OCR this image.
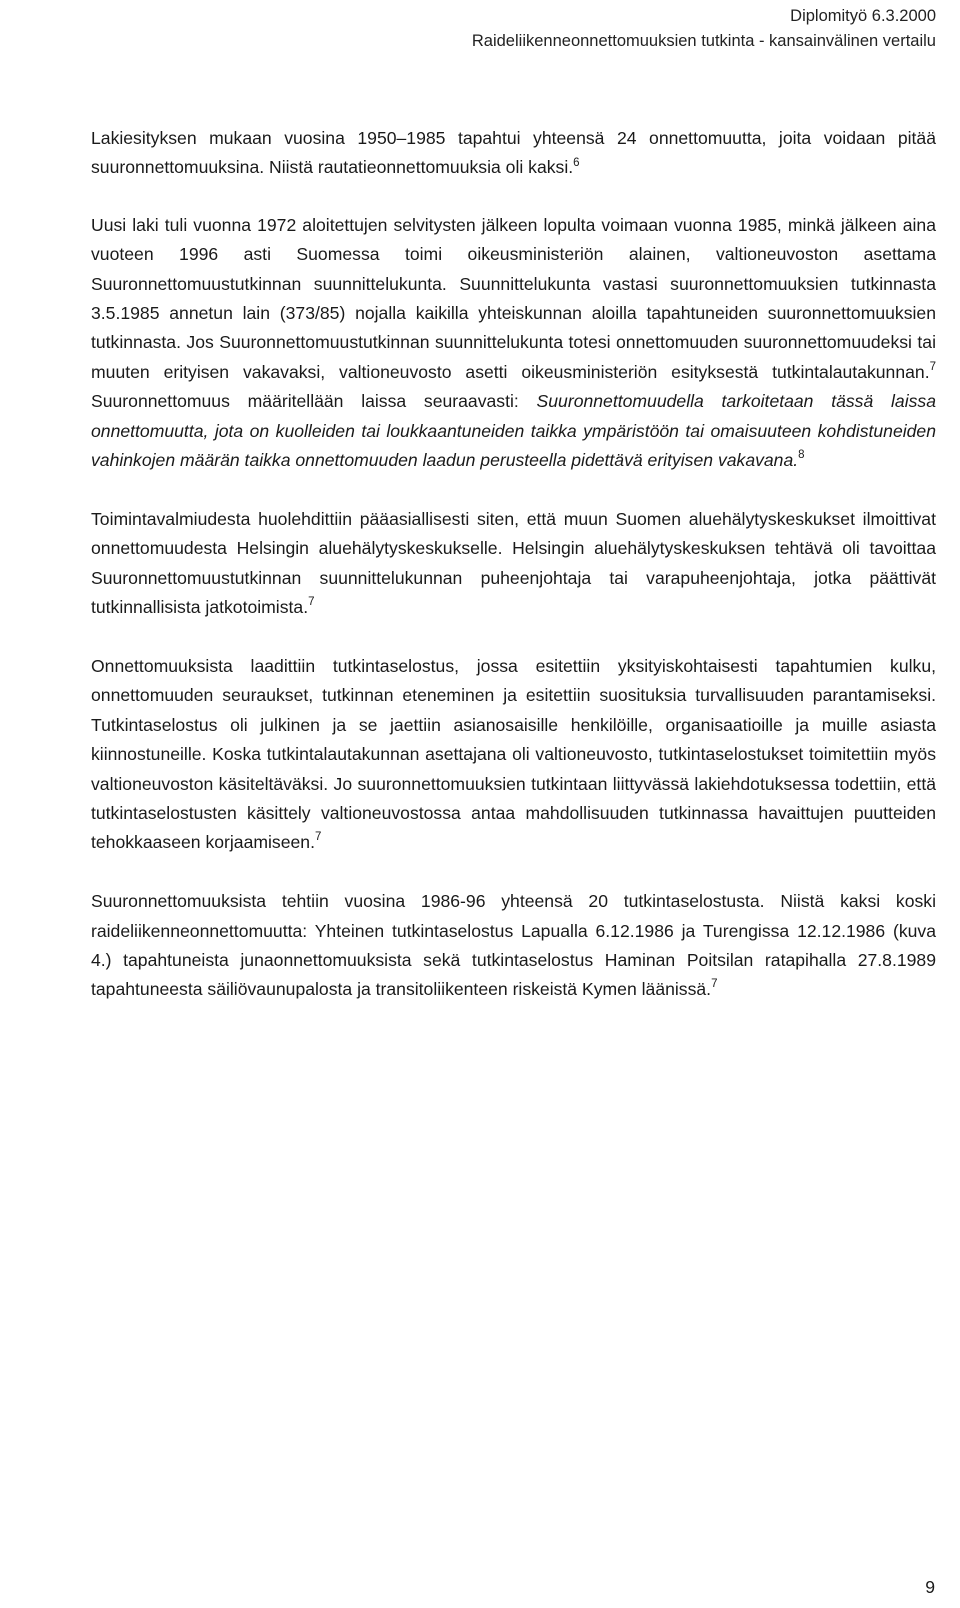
Diplomityö 6.3.2000
Raideliikenneonnettomuuksien tutkinta - kansainvälinen vertailu

Lakiesityksen mukaan vuosina 1950–1985 tapahtui yhteensä 24 onnettomuutta, joita voidaan pitää suuronnettomuuksina. Niistä rautatieonnettomuuksia oli kaksi.$^6$

Uusi laki tuli vuonna 1972 aloitettujen selvitysten jälkeen lopulta voimaan vuonna 1985, minkä jälkeen aina vuoteen 1996 asti Suomessa toimi oikeusministeriön alainen, valtioneuvoston asettama Suuronnettomuustutkinnan suunnittelukunta. Suunnittelukunta vastasi suuronnettomuuksien tutkinnasta 3.5.1985 annetun lain (373/85) nojalla kaikilla yhteiskunnan aloilla tapahtuneiden suuronnettomuuksien tutkinnasta. Jos Suuronnettomuustutkinnan suunnittelukunta totesi onnettomuuden suuronnettomuudeksi tai muuten erityisen vakavaksi, valtioneuvosto asetti oikeusministeriön esityksestä tutkintalautakunnan.$^7$ Suuronnettomuus määritellään laissa seuraavasti: Suuronnettomuudella tarkoitetaan tässä laissa onnettomuutta, jota on kuolleiden tai loukkaantuneiden taikka ympäristöön tai omaisuuteen kohdistuneiden vahinkojen määrän taikka onnettomuuden laadun perusteella pidettävä erityisen vakavana.$^8$

Toimintavalmiudesta huolehdittiin pääasiallisesti siten, että muun Suomen aluehälytyskeskukset ilmoittivat onnettomuudesta Helsingin aluehälytyskeskukselle. Helsingin aluehälytyskeskuksen tehtävä oli tavoittaa Suuronnettomuustutkinnan suunnittelukunnan puheenjohtaja tai varapuheenjohtaja, jotka päättivät tutkinnallisista jatkotoimista.$^7$

Onnettomuuksista laadittiin tutkintaselostus, jossa esitettiin yksityiskohtaisesti tapahtumien kulku, onnettomuuden seuraukset, tutkinnan eteneminen ja esitettiin suosituksia turvallisuuden parantamiseksi. Tutkintaselostus oli julkinen ja se jaettiin asianosaisille henkilöille, organisaatioille ja muille asiasta kiinnostuneille. Koska tutkintalautakunnan asettajana oli valtioneuvosto, tutkintaselostukset toimitettiin myös valtioneuvoston käsiteltäväksi. Jo suuronnettomuuksien tutkintaan liittyvässä lakiehdotuksessa todettiin, että tutkintaselostusten käsittely valtioneuvostossa antaa mahdollisuuden tutkinnassa havaittujen puutteiden tehokkaaseen korjaamiseen.$^7$

Suuronnettomuuksista tehtiin vuosina 1986-96 yhteensä 20 tutkintaselostusta. Niistä kaksi koski raideliikenneonnettomuutta: Yhteinen tutkintaselostus Lapualla 6.12.1986 ja Turengissa 12.12.1986 (kuva 4.) tapahtuneista junaonnettomuuksista sekä tutkintaselostus Haminan Poitsilan ratapihalla 27.8.1989 tapahtuneesta säiliövaunupalosta ja transitoliikenteen riskeistä Kymen läänissä.$^7$

9
